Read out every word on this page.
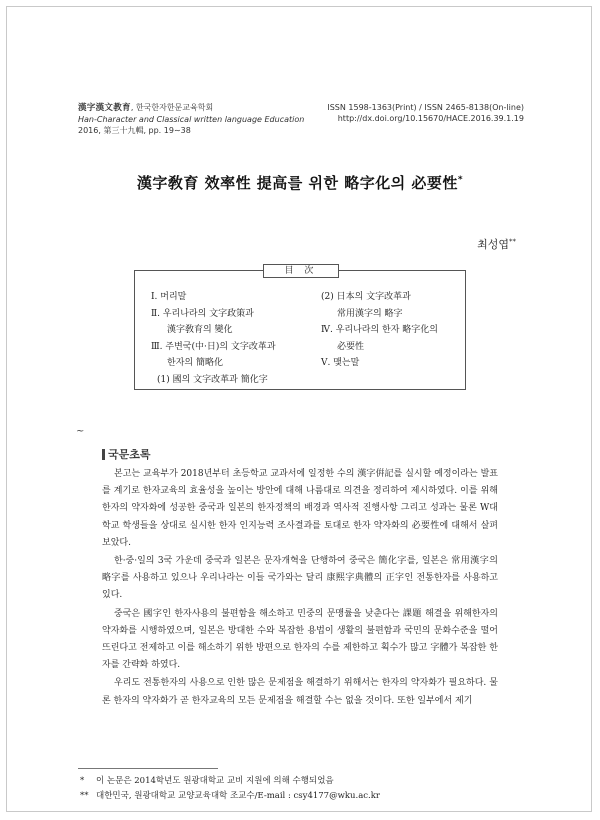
漢字漢文教育, 한국한자한문교육학회
Han-Character and Classical written language Education
2016, 第三十九輯, pp. 19∼38
ISSN 1598-1363(Print) / ISSN 2465-8138(On-line)
http://dx.doi.org/10.15670/HACE.2016.39.1.19
漢字敎育 效率性 提高를 위한 略字化의 必要性*
최성엽**
目 次
Ⅰ. 머리말
Ⅱ. 우리나라의 文字政策과
漢字敎育의 變化
Ⅲ. 주변국(中·日)의 文字改革과
한자의 簡略化
(1) 國의 文字改革과 簡化字
(2) 日本의 文字改革과
常用漢字의 略字
Ⅳ. 우리나라의 한자 略字化의
必要性
Ⅴ. 맺는말
~
국문초록

본고는 교육부가 2018년부터 초등학교 교과서에 일정한 수의 漢字倂記를 실시할 예정이라는 발표를 계기로 한자교육의 효율성을 높이는 방안에 대해 나름대로 의견을 정리하여 제시하였다. 이를 위해 한자의 약자화에 성공한 중국과 일본의 한자정책의 배경과 역사적 진행사항 그리고 성과는 물론 W대학교 학생들을 상대로 실시한 한자 인지능력 조사결과를 토대로 한자 약자화의 必要性에 대해서 살펴보았다.

한·중·일의 3국 가운데 중국과 일본은 문자개혁을 단행하여 중국은 簡化字를, 일본은 常用漢字의 略字를 사용하고 있으나 우리나라는 이들 국가와는 달리 康熙字典體의 正字인 전통한자를 사용하고 있다.

중국은 國字인 한자사용의 불편함을 해소하고 민중의 문맹률을 낮춘다는 課題 해결을 위해한자의 약자화를 시행하였으며, 일본은 방대한 수와 복잡한 용법이 생활의 불편함과 국민의 문화수준을 떨어뜨린다고 전제하고 이를 해소하기 위한 방편으로 한자의 수를 제한하고 획수가 많고 字體가 복잡한 한자를 간략화 하였다.

우리도 전통한자의 사용으로 인한 많은 문제점을 해결하기 위해서는 한자의 약자화가 필요하다. 물론 한자의 약자화가 곧 한자교육의 모든 문제점을 해결할 수는 없을 것이다. 또한 일부에서 제기

* 이 논문은 2014학년도 원광대학교 교비 지원에 의해 수행되었음
** 대한민국, 원광대학교 교양교육대학 조교수/E-mail : csy4177@wku.ac.kr
